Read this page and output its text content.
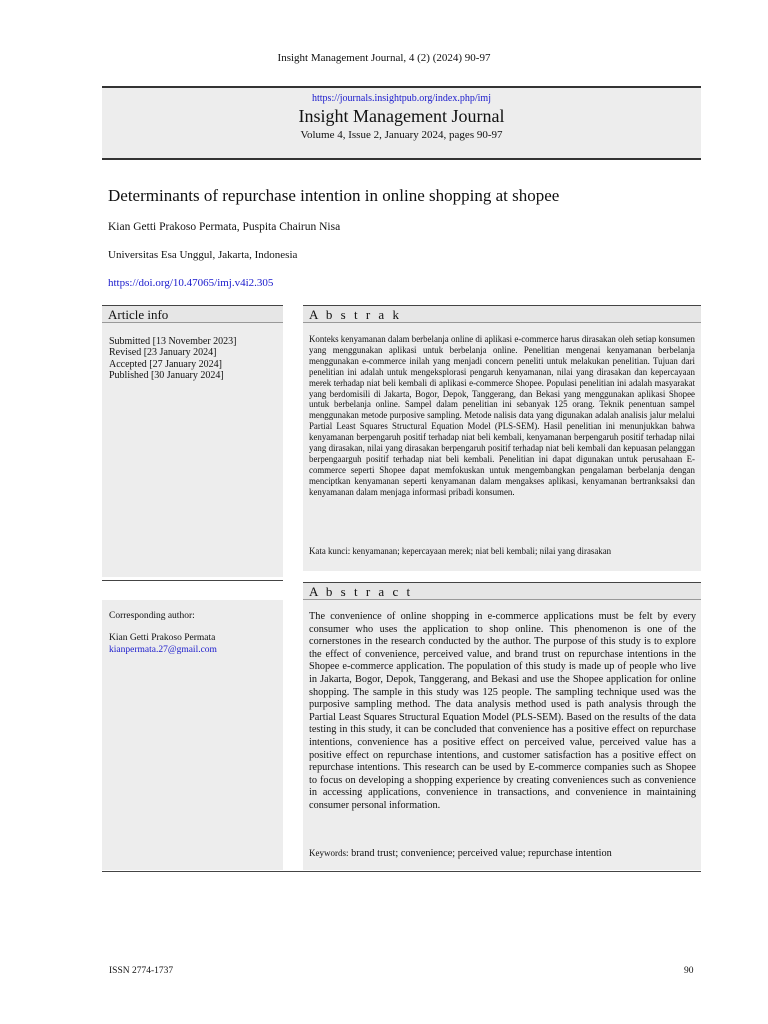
Insight Management Journal, 4 (2) (2024) 90-97
https://journals.insightpub.org/index.php/imj
Insight Management Journal
Volume 4, Issue 2, January 2024, pages 90-97
Determinants of repurchase intention in online shopping at shopee
Kian Getti Prakoso Permata, Puspita Chairun Nisa
Universitas Esa Unggul, Jakarta, Indonesia
https://doi.org/10.47065/imj.v4i2.305
Article info	A b s t r a k
Submitted [13 November 2023]
Revised [23 January 2024]
Accepted [27 January 2024]
Published [30 January 2024]
Konteks kenyamanan dalam berbelanja online di aplikasi e-commerce harus dirasakan oleh setiap konsumen yang menggunakan aplikasi untuk berbelanja online. Penelitian mengenai kenyamanan berbelanja menggunakan e-commerce inilah yang menjadi concern peneliti untuk melakukan penelitian. Tujuan dari penelitian ini adalah untuk mengeksplorasi pengaruh kenyamanan, nilai yang dirasakan dan kepercayaan merek terhadap niat beli kembali di aplikasi e-commerce Shopee. Populasi penelitian ini adalah masyarakat yang berdomisili di Jakarta, Bogor, Depok, Tanggerang, dan Bekasi yang menggunakan aplikasi Shopee untuk berbelanja online. Sampel dalam penelitian ini sebanyak 125 orang. Teknik penentuan sampel menggunakan metode purposive sampling. Metode nalisis data yang digunakan adalah analisis jalur melalui Partial Least Squares Structural Equation Model (PLS-SEM). Hasil penelitian ini menunjukkan bahwa kenyamanan berpengaruh positif terhadap niat beli kembali, kenyamanan berpengaruh positif terhadap nilai yang dirasakan, nilai yang dirasakan berpengaruh positif terhadap niat beli kembali dan kepuasan pelanggan berpengaarguh positif terhadap niat beli kembali. Penelitian ini dapat digunakan untuk perusahaan E-commerce seperti Shopee dapat memfokuskan untuk mengembangkan pengalaman berbelanja dengan menciptkan kenyamanan seperti kenyamanan dalam mengakses aplikasi, kenyamanan bertranksaksi dan kenyamanan dalam menjaga informasi pribadi konsumen.
Kata kunci: kenyamanan; kepercayaan merek; niat beli kembali; nilai yang dirasakan
A b s t r a c t
Corresponding author:
Kian Getti Prakoso Permata
kianpermata.27@gmail.com
The convenience of online shopping in e-commerce applications must be felt by every consumer who uses the application to shop online. This phenomenon is one of the cornerstones in the research conducted by the author. The purpose of this study is to explore the effect of convenience, perceived value, and brand trust on repurchase intentions in the Shopee e-commerce application. The population of this study is made up of people who live in Jakarta, Bogor, Depok, Tanggerang, and Bekasi and use the Shopee application for online shopping. The sample in this study was 125 people. The sampling technique used was the purposive sampling method. The data analysis method used is path analysis through the Partial Least Squares Structural Equation Model (PLS-SEM). Based on the results of the data testing in this study, it can be concluded that convenience has a positive effect on repurchase intentions, convenience has a positive effect on perceived value, perceived value has a positive effect on repurchase intentions, and customer satisfaction has a positive effect on repurchase intentions. This research can be used by E-commerce companies such as Shopee to focus on developing a shopping experience by creating conveniences such as convenience in accessing applications, convenience in transactions, and convenience in maintaining consumer personal information.
Keywords: brand trust; convenience; perceived value; repurchase intention
ISSN 2774-1737	90
